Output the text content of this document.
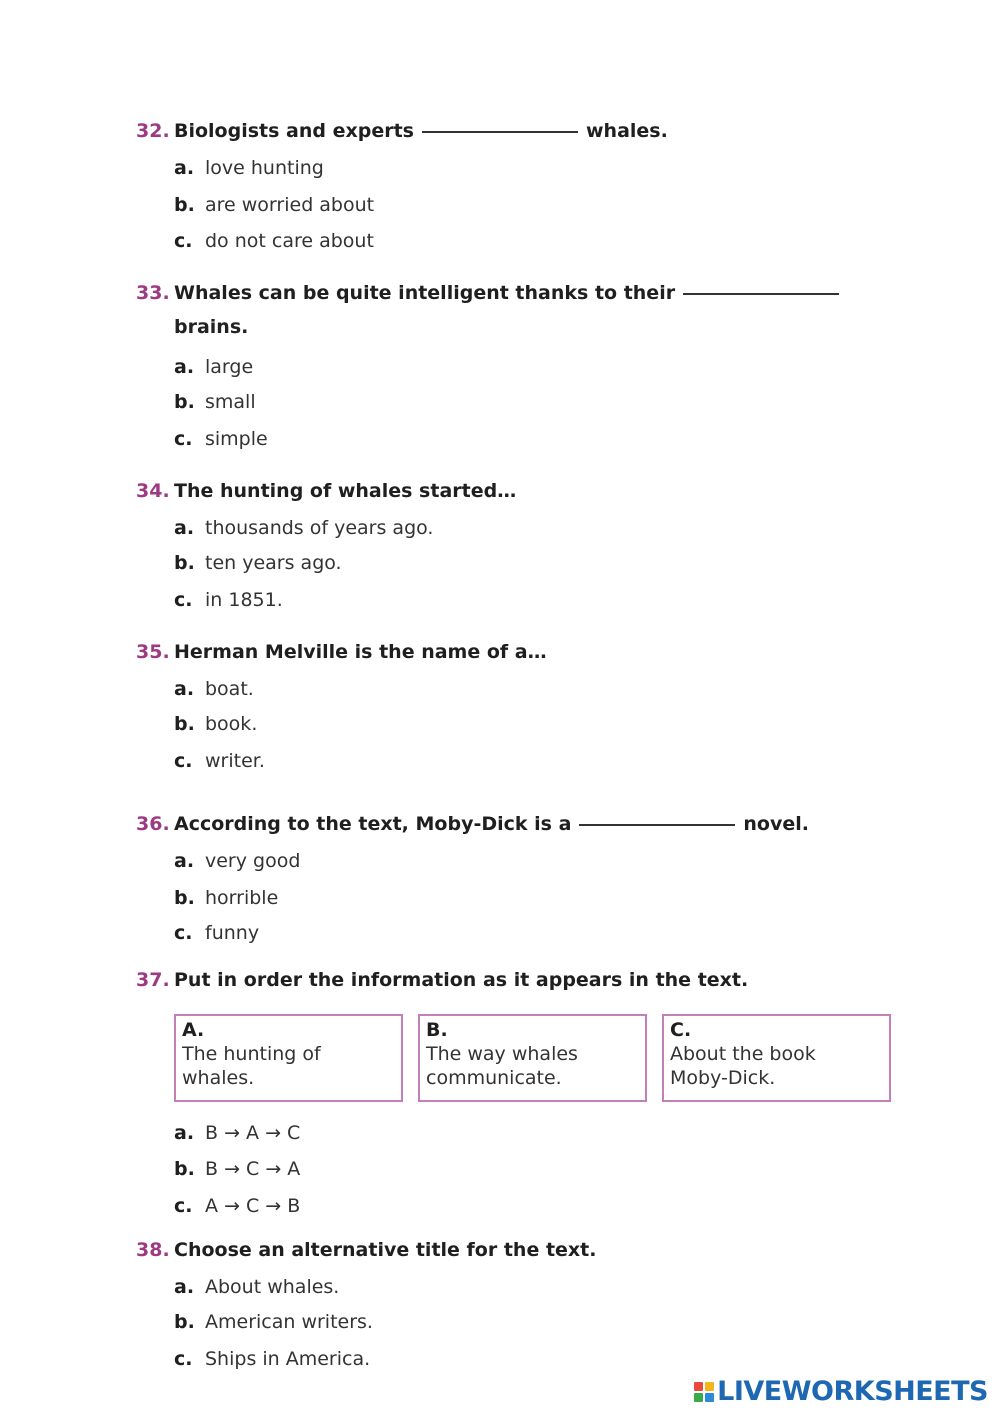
32. Biologists and experts	whales.
a. love hunting
b. are worried about
c. do not care about
33. Whales can be quite intelligent thanks to their
brains.
a. large
b. small
c. simple
34. The hunting of whales started…
a. thousands of years ago.
b. ten years ago.
c. in 1851.
35. Herman Melville is the name of a…
a. boat.
b. book.
c. writer.
36. According to the text, Moby-Dick is a	novel.
a. very good
b. horrible
c. funny
37. Put in order the information as it appears in the text.
A.
The hunting of
whales.
B.
The way whales
communicate.
C.
About the book
Moby-Dick.
a. B → A → C
b. B → C → A
c. A → C → B
38. Choose an alternative title for the text.
a. About whales.
b. American writers.
c. Ships in America.
LIVEWORKSHEETS
